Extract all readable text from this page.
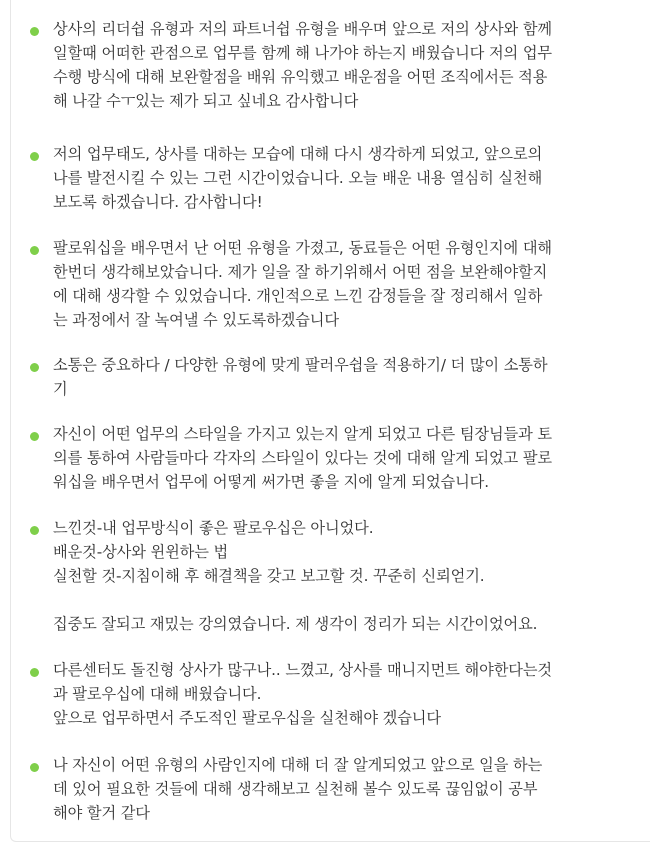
상사의 리더쉽 유형과 저의 파트너쉽 유형을 배우며 앞으로 저의 상사와 함께
일할때 어떠한 관점으로 업무를 함께 해 나가야 하는지 배웠습니다 저의 업무
수행 방식에 대해 보완할점을 배워 유익했고 배운점을 어떤 조직에서든 적용
해 나갈 수ㅜ있는 제가 되고 싶네요 감사합니다
저의 업무태도, 상사를 대하는 모습에 대해 다시 생각하게 되었고, 앞으로의
나를 발전시킬 수 있는 그런 시간이었습니다. 오늘 배운 내용 열심히 실천해
보도록 하겠습니다. 감사합니다!
팔로워십을 배우면서 난 어떤 유형을 가졌고, 동료들은 어떤 유형인지에 대해
한번더 생각해보았습니다. 제가 일을 잘 하기위해서 어떤 점을 보완해야할지
에 대해 생각할 수 있었습니다. 개인적으로 느낀 감정들을 잘 정리해서 일하
는 과정에서 잘 녹여낼 수 있도록하겠습니다
소통은 중요하다 / 다양한 유형에 맞게 팔러우쉽을 적용하기/ 더 많이 소통하
기
자신이 어떤 업무의 스타일을 가지고 있는지 알게 되었고 다른 팀장님들과 토
의를 통하여 사람들마다 각자의 스타일이 있다는 것에 대해 알게 되었고 팔로
워십을 배우면서 업무에 어떻게 써가면 좋을 지에 알게 되었습니다.
느낀것-내 업무방식이 좋은 팔로우십은 아니었다.
배운것-상사와 윈윈하는 법
실천할 것-지침이해 후 해결책을 갖고 보고할 것. 꾸준히 신뢰얻기.
집중도 잘되고 재밌는 강의였습니다. 제 생각이 정리가 되는 시간이었어요.
다른센터도 돌진형 상사가 많구나.. 느꼈고, 상사를 매니지먼트 해야한다는것
과 팔로우십에 대해 배웠습니다.
앞으로 업무하면서 주도적인 팔로우십을 실천해야 겠습니다
나 자신이 어떤 유형의 사람인지에 대해 더 잘 알게되었고 앞으로 일을 하는
데 있어 필요한 것들에 대해 생각해보고 실천해 볼수 있도록 끊임없이 공부
해야 할거 같다
